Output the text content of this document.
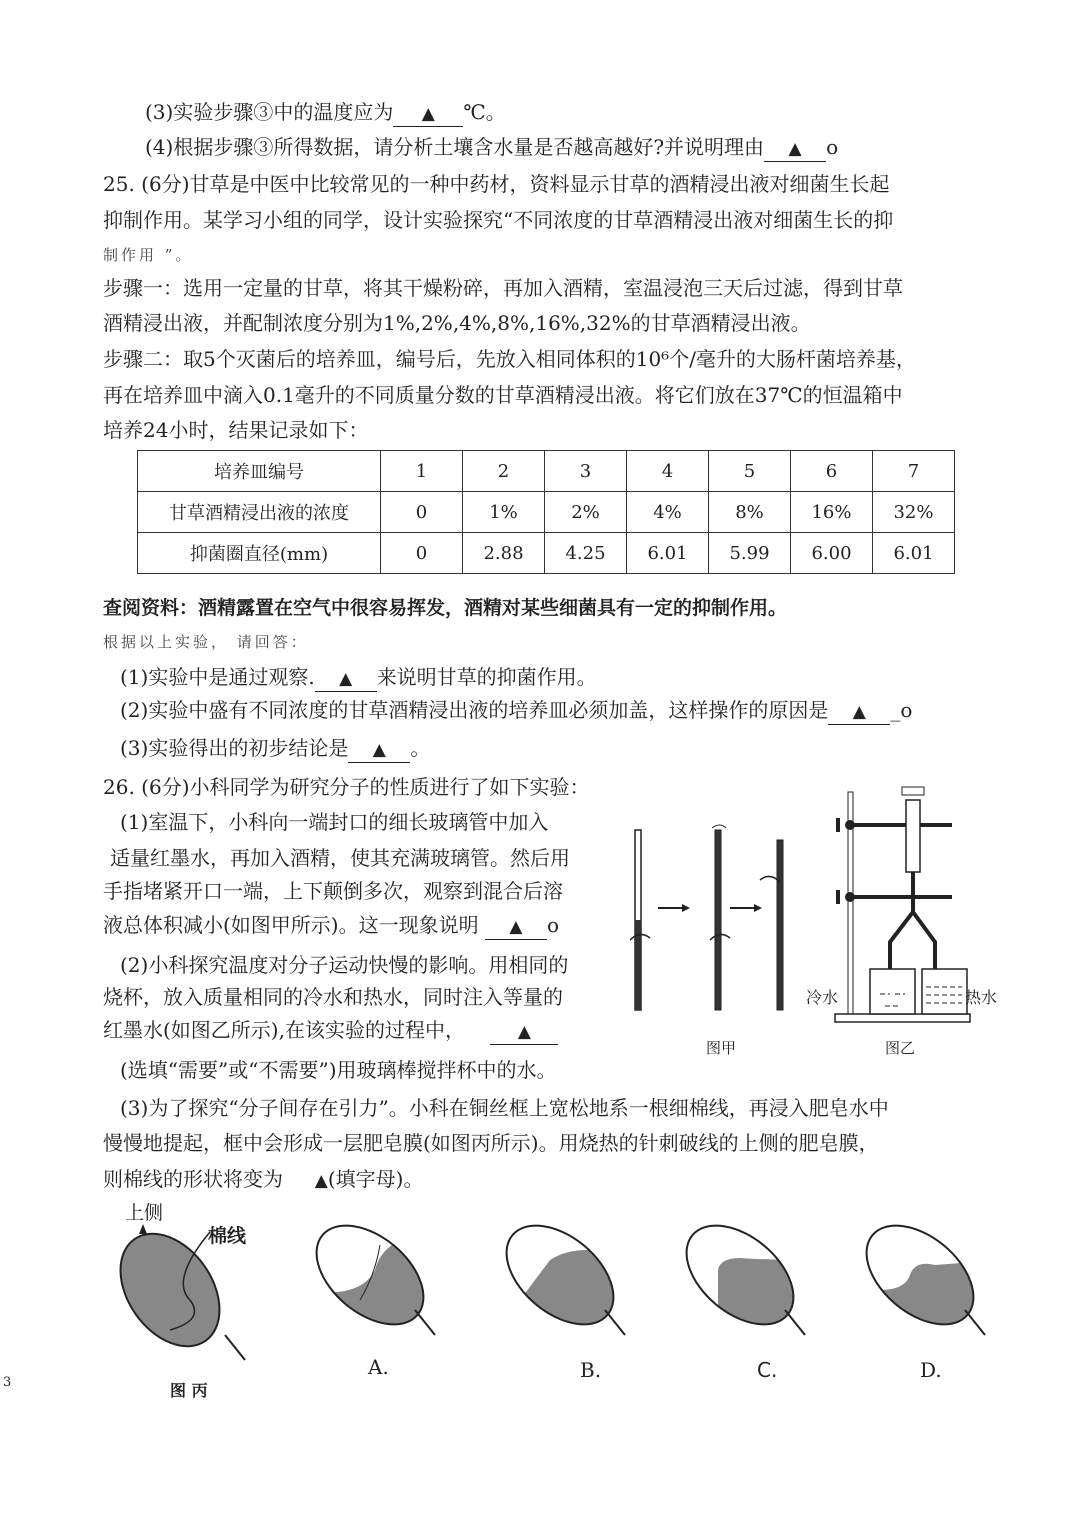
(3)实验步骤③中的温度应为 ▲ ℃。
(4)根据步骤③所得数据，请分析土壤含水量是否越高越好?并说明理由 ▲ o
25. (6分)甘草是中医中比较常见的一种中药材，资料显示甘草的酒精浸出液对细菌生长起
抑制作用。某学习小组的同学，设计实验探究“不同浓度的甘草酒精浸出液对细菌生长的抑
制作用 ”。
步骤一：选用一定量的甘草，将其干燥粉碎，再加入酒精，室温浸泡三天后过滤，得到甘草
酒精浸出液，并配制浓度分别为1%,2%,4%,8%,16%,32%的甘草酒精浸出液。
步骤二：取5个灭菌后的培养皿，编号后，先放入相同体积的10⁶个/毫升的大肠杆菌培养基，
再在培养皿中滴入0.1毫升的不同质量分数的甘草酒精浸出液。将它们放在37℃的恒温箱中
培养24小时，结果记录如下：
培养皿编号	1	2	3	4	5	6	7
甘草酒精浸出液的浓度	0	1%	2%	4%	8%	16%	32%
抑菌圈直径(mm)	0	2.88	4.25	6.01	5.99	6.00	6.01
查阅资料：酒精露置在空气中很容易挥发，酒精对某些细菌具有一定的抑制作用。
根据以上实验， 请回答：
(1)实验中是通过观察. ▲ 来说明甘草的抑菌作用。
(2)实验中盛有不同浓度的甘草酒精浸出液的培养皿必须加盖，这样操作的原因是 ▲ _o
(3)实验得出的初步结论是 ▲ 。
26. (6分)小科同学为研究分子的性质进行了如下实验：
(1)室温下，小科向一端封口的细长玻璃管中加入
适量红墨水，再加入酒精，使其充满玻璃管。然后用
手指堵紧开口一端，上下颠倒多次，观察到混合后溶
液总体积减小(如图甲所示)。这一现象说明 ▲ o
(2)小科探究温度对分子运动快慢的影响。用相同的
烧杯，放入质量相同的冷水和热水，同时注入等量的
红墨水(如图乙所示),在该实验的过程中，	▲
(选填“需要”或“不需要”)用玻璃棒搅拌杯中的水。
(3)为了探究“分子间存在引力”。小科在铜丝框上宽松地系一根细棉线，再浸入肥皂水中
慢慢地提起，框中会形成一层肥皂膜(如图丙所示)。用烧热的针刺破线的上侧的肥皂膜，
则棉线的形状将变为 ▲(填字母)。
图甲
冷水	热水
图乙
上侧
棉线
A.	B.	C.	D.
图 丙
3
